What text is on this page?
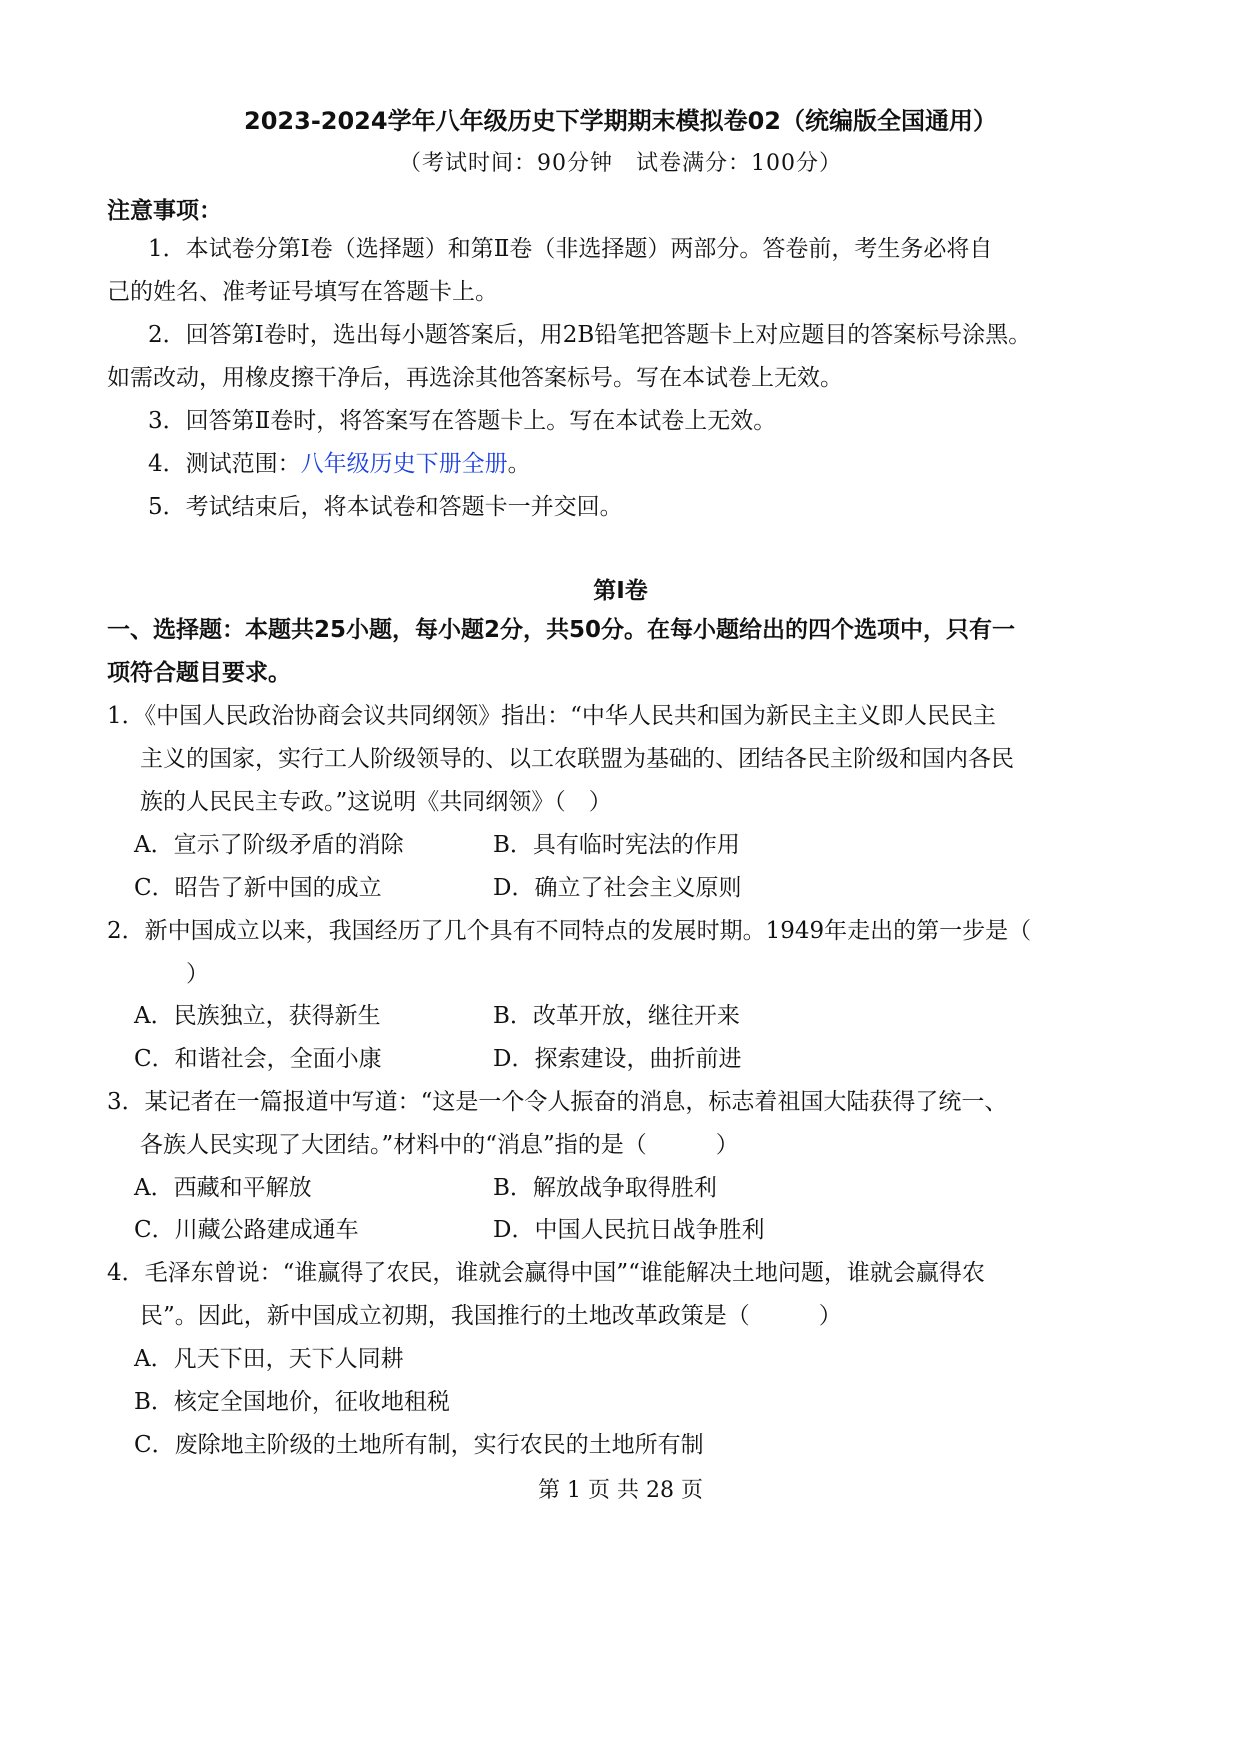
2023-2024学年八年级历史下学期期末模拟卷02（统编版全国通用）
（考试时间：90分钟　试卷满分：100分）
注意事项：
1．本试卷分第Ⅰ卷（选择题）和第Ⅱ卷（非选择题）两部分。答卷前，考生务必将自
己的姓名、准考证号填写在答题卡上。
2．回答第Ⅰ卷时，选出每小题答案后，用2B铅笔把答题卡上对应题目的答案标号涂黑。
如需改动，用橡皮擦干净后，再选涂其他答案标号。写在本试卷上无效。
3．回答第Ⅱ卷时，将答案写在答题卡上。写在本试卷上无效。
4．测试范围：八年级历史下册全册。
5．考试结束后，将本试卷和答题卡一并交回。
第Ⅰ卷
一、选择题：本题共25小题，每小题2分，共50分。在每小题给出的四个选项中，只有一
项符合题目要求。
1．《中国人民政治协商会议共同纲领》指出：“中华人民共和国为新民主主义即人民民主
主义的国家，实行工人阶级领导的、以工农联盟为基础的、团结各民主阶级和国内各民
族的人民民主专政。”这说明《共同纲领》（　）
A．宣示了阶级矛盾的消除	B．具有临时宪法的作用
C．昭告了新中国的成立	D．确立了社会主义原则
2．新中国成立以来，我国经历了几个具有不同特点的发展时期。1949年走出的第一步是（
）
A．民族独立，获得新生	B．改革开放，继往开来
C．和谐社会，全面小康	D．探索建设，曲折前进
3．某记者在一篇报道中写道：“这是一个令人振奋的消息，标志着祖国大陆获得了统一、
各族人民实现了大团结。”材料中的“消息”指的是（　　　）
A．西藏和平解放	B．解放战争取得胜利
C．川藏公路建成通车	D．中国人民抗日战争胜利
4．毛泽东曾说：“谁赢得了农民，谁就会赢得中国”“谁能解决土地问题，谁就会赢得农
民”。因此，新中国成立初期，我国推行的土地改革政策是（　　　）
A．凡天下田，天下人同耕
B．核定全国地价，征收地租税
C．废除地主阶级的土地所有制，实行农民的土地所有制
第 1 页 共 28 页
